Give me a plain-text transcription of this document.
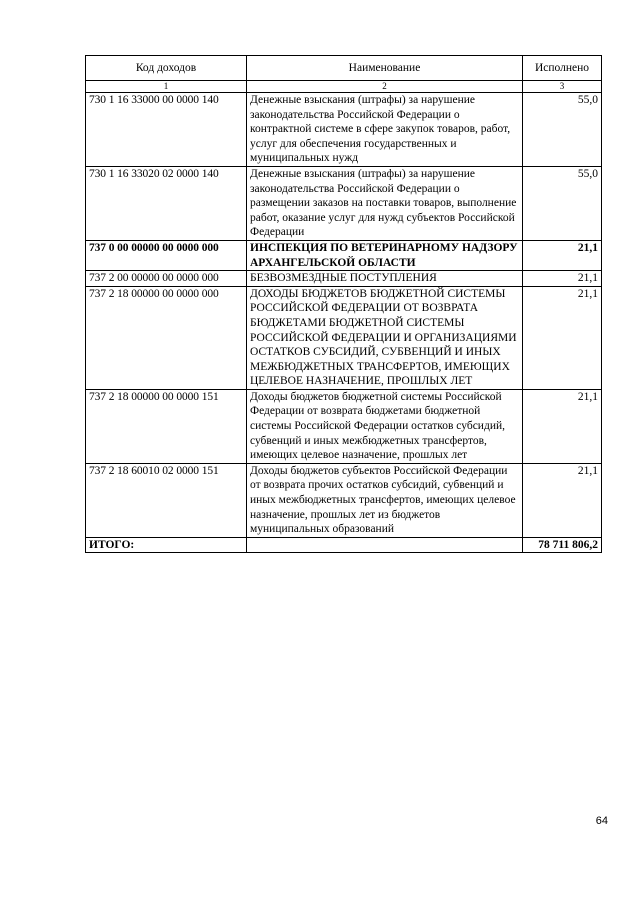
Код доходов	Наименование	Исполнено
1	2	3
730 1 16 33000 00 0000 140	Денежные взыскания (штрафы) за нарушение законодательства Российской Федерации о контрактной системе в сфере закупок товаров, работ, услуг для обеспечения государственных и муниципальных нужд	55,0
730 1 16 33020 02 0000 140	Денежные взыскания (штрафы) за нарушение законодательства Российской Федерации о размещении заказов на поставки товаров, выполнение работ, оказание услуг для нужд субъектов Российской Федерации	55,0
737 0 00 00000 00 0000 000	ИНСПЕКЦИЯ ПО ВЕТЕРИНАРНОМУ НАДЗОРУ АРХАНГЕЛЬСКОЙ ОБЛАСТИ	21,1
737 2 00 00000 00 0000 000	БЕЗВОЗМЕЗДНЫЕ ПОСТУПЛЕНИЯ	21,1
737 2 18 00000 00 0000 000	ДОХОДЫ БЮДЖЕТОВ БЮДЖЕТНОЙ СИСТЕМЫ РОССИЙСКОЙ ФЕДЕРАЦИИ ОТ ВОЗВРАТА БЮДЖЕТАМИ БЮДЖЕТНОЙ СИСТЕМЫ РОССИЙСКОЙ ФЕДЕРАЦИИ И ОРГАНИЗАЦИЯМИ ОСТАТКОВ СУБСИДИЙ, СУБВЕНЦИЙ И ИНЫХ МЕЖБЮДЖЕТНЫХ ТРАНСФЕРТОВ, ИМЕЮЩИХ ЦЕЛЕВОЕ НАЗНАЧЕНИЕ, ПРОШЛЫХ ЛЕТ	21,1
737 2 18 00000 00 0000 151	Доходы бюджетов бюджетной системы Российской Федерации от возврата бюджетами бюджетной системы Российской Федерации остатков субсидий, субвенций и иных межбюджетных трансфертов, имеющих целевое назначение, прошлых лет	21,1
737 2 18 60010 02 0000 151	Доходы бюджетов субъектов Российской Федерации от возврата прочих остатков субсидий, субвенций и иных межбюджетных трансфертов, имеющих целевое назначение, прошлых лет из бюджетов муниципальных образований	21,1
ИТОГО:		78 711 806,2
64
